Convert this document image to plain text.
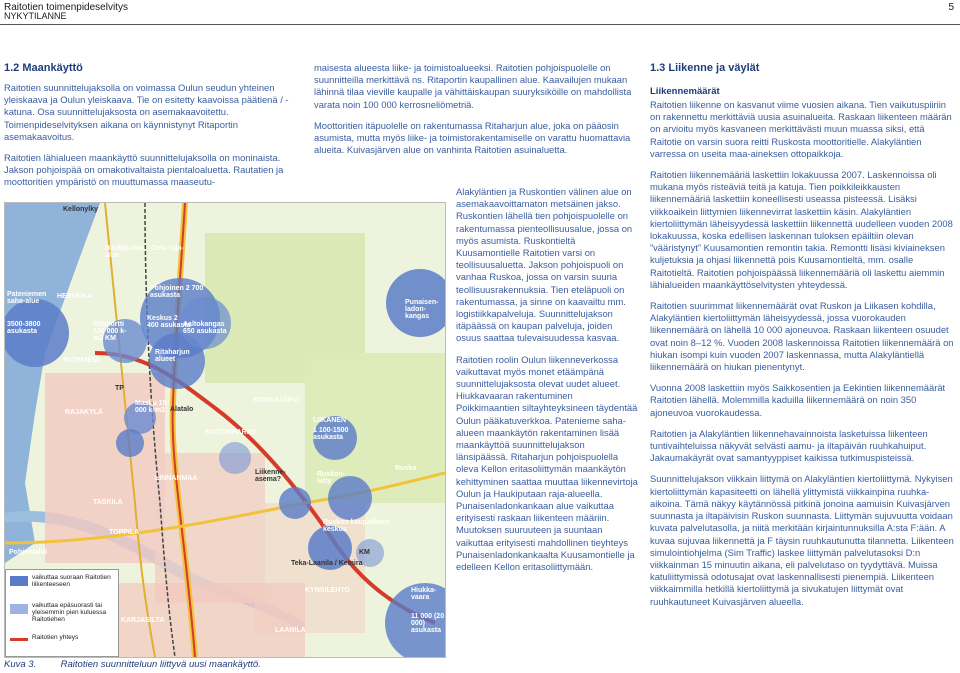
Raitotien toimenpideselvitys
NYKYTILANNE
5
1.2 Maankäyttö

Raitotien suunnittelujaksolla on voimassa Oulun seudun yhteinen yleiskaava ja Oulun yleiskaava. Tie on esitetty kaavoissa päätienä / -katuna. Osa suunnittelujaksosta on asemakaavoitettu. Toimenpideselvityksen aikana on käynnistynyt Ritaportin asemakaavoitus.

Raitotien lähialueen maankäyttö suunnittelujaksolla on moninaista. Jakson pohjoispää on omakotivaltaista pientaloaluetta. Rautatien ja moottoritien ympäristö on muuttumassa maaseutu-

Kellonylky
Haukipudas - Oulu raja-alue
Pateniemen saha-alue
3500-3800 asukasta
HERUKKA
Pohjoinen 2 700 asukasta
Keskus 2 400 asukasta
Aaltokangas 650 asukasta
Ritaportti 100 000 k-m2 KM
Ritaharjun alueet
PATENIEMI
Punaisen-ladon-kangas
TP
Masku 15 000 k-m2 Alatalo
KUIVASJÄRVI
RAJAKYLÄ
LIIKANEN
1 100-1500 asukasta
KAIJONHARJU
Liikenne-asema?
Ruskon-liitty
LINNANMAA
Rusko
TASKILA
Ruskon kaupallinen keskus
KM
TOPPILA
Pohjantahti
Teka-Laanila / Kemira
KYNSILEHTO	Hiukka-vaara
11 000 (20 000) asukasta
KARJASILTA
LAANILA
vaikuttaa suoraan Raitotien liikenteeseen
vaikuttaa epäsuorasti tai yleisemmin pien kuluessa Raitotiehen
Raitotien yhteys
Kuva 3.	Raitotien suunnitteluun liittyvä uusi maankäyttö.

maisesta alueesta liike- ja toimistoalueeksi. Raitotien pohjoispuolelle on suunnitteilla merkittävä ns. Ritaportin kaupallinen alue. Kaavailujen mukaan lähinnä tilaa vieville kaupalle ja vähittäiskaupan suuryksiköille on mahdollista varata noin 100 000 kerrosneliömetriä.

Moottoritien itäpuolelle on rakentumassa Ritaharjun alue, joka on pääosin asumista, mutta myös liike- ja toimistorakentamiselle on varattu huomattavia alueita. Kuivasjärven alue on vanhinta Raitotien asuinaluetta.

Alakyläntien ja Ruskontien välinen alue on asemakaavoittamaton metsäinen jakso. Ruskontien lähellä tien pohjoispuolelle on rakentumassa pienteollisuusalue, jossa on myös asumista. Ruskontieltä Kuusamontielle Raitotien varsi on teollisuusaluetta. Jakson pohjoispuoli on vanhaa Ruskoa, jossa on varsin suuria teollisuusrakennuksia. Tien eteläpuoli on rakentumassa, ja sinne on kaavailtu mm. logistiikkapalveluja. Suunnittelujakson itäpäässä on kaupan palveluja, joiden osuus saattaa tulevaisuudessa kasvaa.

Raitotien roolin Oulun liikenneverkossa vaikuttavat myös monet etäämpänä suunnittelujaksosta olevat uudet alueet. Hiukkavaaran rakentuminen Poikkimaantien siltayhteyksineen täydentää Oulun pääkatuverkkoa. Patenieme saha-alueen maankäytön rakentaminen lisää maankäyttöä suunnittelujakson länsipäässä. Ritaharjun pohjoispuolella oleva Kellon eritasoliittymän maankäytön kehittyminen saattaa muuttaa liikennevirtoja Oulun ja Haukiputaan raja-alueella. Punaisenladonkankaan alue vaikuttaa erityisesti raskaan liikenteen määriin. Muutoksen suuruuteen ja suuntaan vaikuttaa erityisesti mahdollinen tieyhteys Punaisenladonkankaalta Kuusamontielle ja edelleen Kellon eritasoliittymään.

1.3 Liikenne ja väylät
Liikennemäärät

Raitotien liikenne on kasvanut viime vuosien aikana. Tien vaikutuspiiriin on rakennettu merkittäviä uusia asuinalueita. Raskaan liikenteen määrän on arvioitu myös kasvaneen merkittävästi muun muassa siksi, että Raitotie on varsin suora reitti Ruskosta moottoritielle. Alakyläntien varressa on useita maa-aineksen ottopaikkoja.

Raitotien liikennemääriä laskettiin lokakuussa 2007. Laskennoissa oli mukana myös risteäviä teitä ja katuja. Tien poikkileikkausten liikennemääriä laskettiin koneellisesti useassa pisteessä. Lisäksi viikkoaikein liittymien liikennevirrat laskettiin käsin. Alakyläntien kiertoliittymän läheisyydessä laskettiin liikennettä uudelleen vuoden 2008 lokakuussa, koska edellisen laskennan tuloksen epäiltiin olevan ”vääristynyt” Kuusamontien remontin takia. Remontti lisäsi kiviaineksen kuljetuksia ja ohjasi liikennettä pois Kuusamontieltä, mm. osalle Raitotieltä. Raitotien pohjoispäässä liikennemääriä oli laskettu aiemmin lähialueiden maankäyttöselvitysten yhteydessä.

Raitotien suurimmat liikennemäärät ovat Ruskon ja Liikasen kohdilla, Alakyläntien kiertoliittymän läheisyydessä, jossa vuorokauden liikennemäärä on lähellä 10 000 ajoneuvoa. Raskaan liikenteen osuudet ovat noin 8–12 %. Vuoden 2008 laskennoissa Raitotien liikennemäärä on hiukan isompi kuin vuoden 2007 laskennassa, mutta Alakyläntiellä liikennemäärä on hiukan pienentynyt.

Vuonna 2008 laskettiin myös Saikkosentien ja Eekintien liikennemäärät Raitotien lähellä. Molemmilla kaduilla liikennemäärä on noin 350 ajoneuvoa vuorokaudessa.

Raitotien ja Alakyläntien liikennehavainnoista lasketuissa liikenteen tuntivaihteluissa näkyvät selvästi aamu- ja iltapäivän ruuhkahuiput. Jakaumakäyrät ovat samantyyppiset kaikissa tutkimuspisteissä.

Suunnittelujakson viikkain liittymä on Alakyläntien kiertoliittymä. Nykyisen kiertoliittymän kapasiteetti on lähellä ylittymistä viikkainpina ruuhka-aikoina. Tämä näkyy käytännössä pitkinä jonoina aamuisin Kuivasjärven suunnasta ja iltapäivisin Ruskon suunnasta. Liittymän sujuvuutta voidaan kuvata palvelutasolla, ja niitä merkitään kirjaintunnuksilla A:sta F:ään. A kuvaa sujuvaa liikennettä ja F täysin ruuhkautunutta tilannetta. Liikenteen simulointiohjelma (Sim Traffic) laskee liittymän palvelutasoksi D:n viikkainman 15 minuutin aikana, eli palvelutaso on tyydyttävä. Muissa katuliittymissä odotusajat ovat laskennallisesti pienempiä. Liikenteen viikkaimmilla hetkillä kiertoliittymä ja sivukatujen liittymät ovat ruuhkautuneet Kuivasjärven alueella.
